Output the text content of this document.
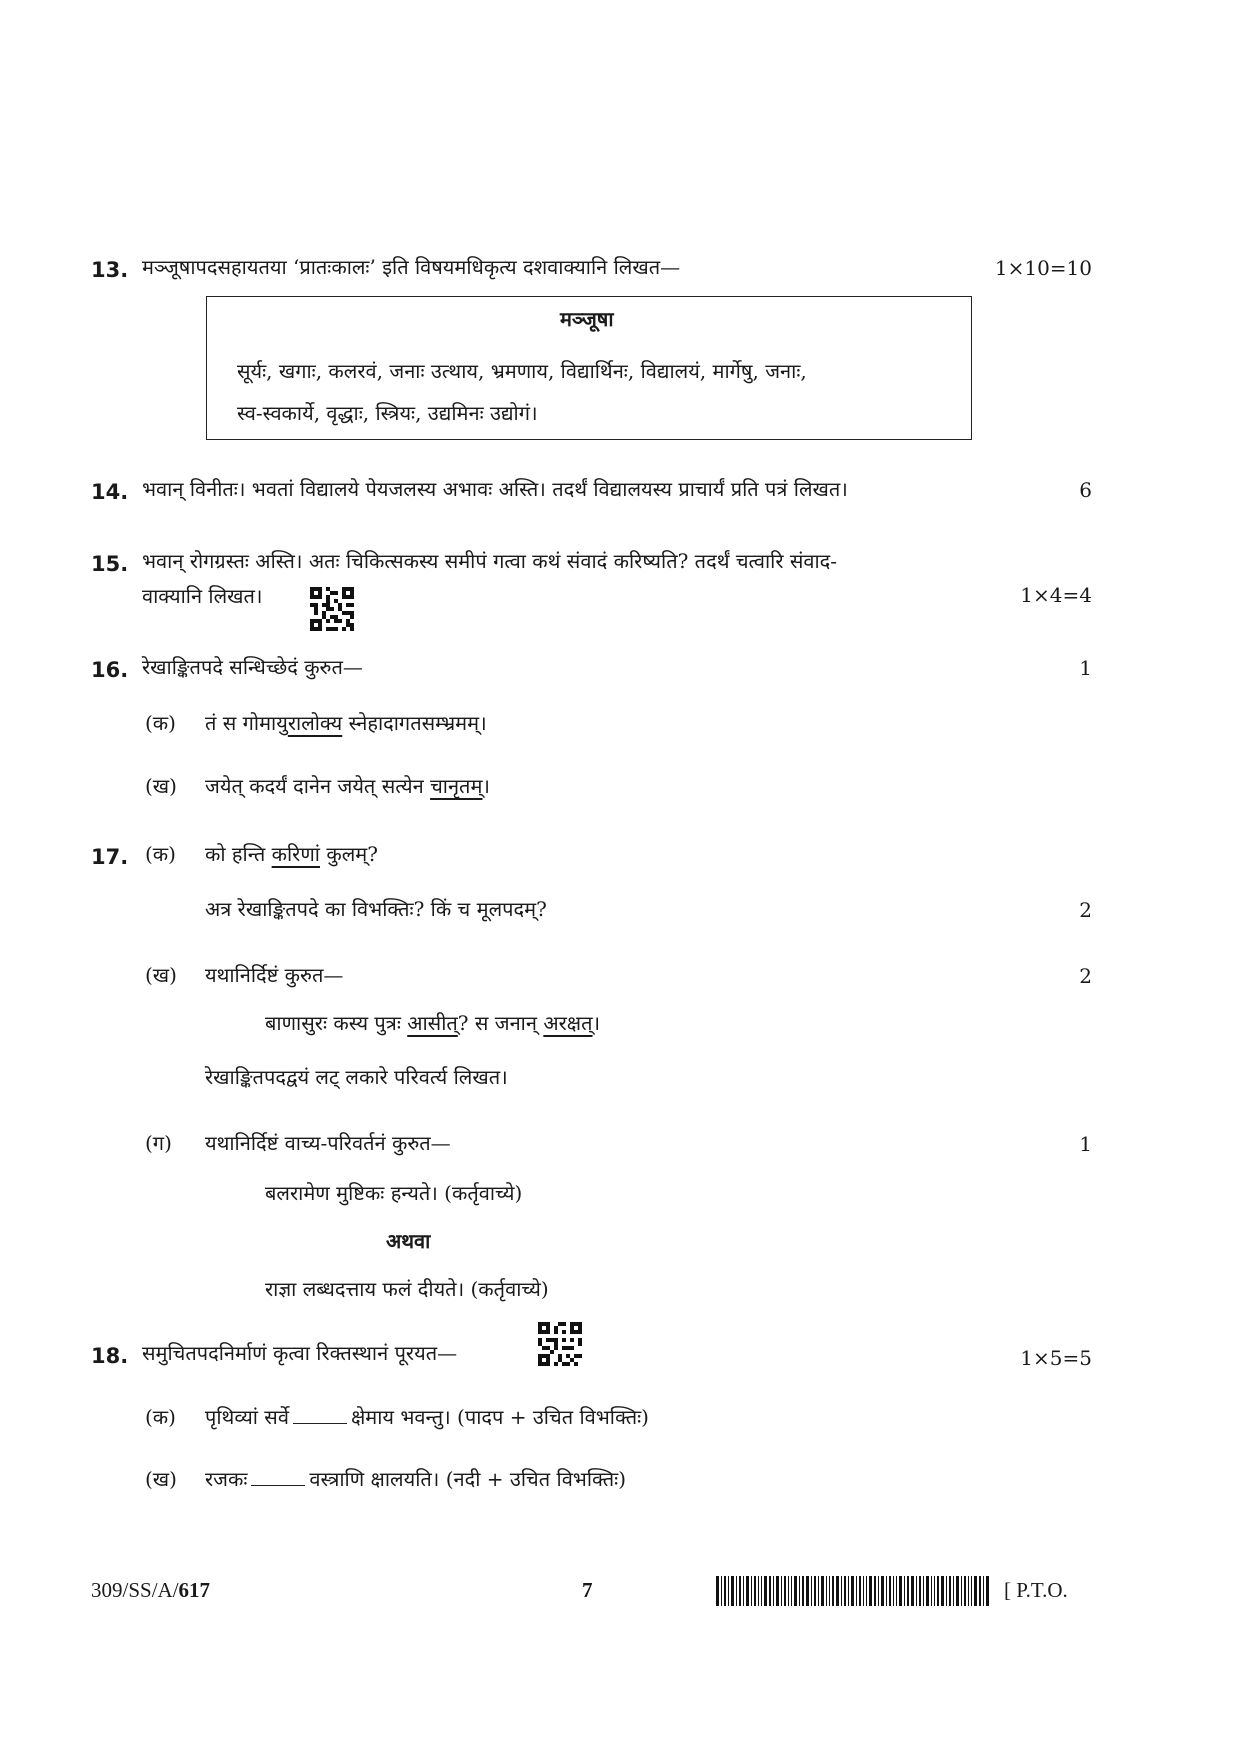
13. मञ्जूषापदसहायतया ‘प्रातःकालः’ इति विषयमधिकृत्य दशवाक्यानि लिखत—	1×10=10
मञ्जूषा
सूर्यः, खगाः, कलरवं, जनाः उत्थाय, भ्रमणाय, विद्यार्थिनः, विद्यालयं, मार्गेषु, जनाः,
स्व-स्वकार्ये, वृद्धाः, स्त्रियः, उद्यमिनः उद्योगं।
14. भवान् विनीतः। भवतां विद्यालये पेयजलस्य अभावः अस्ति। तदर्थं विद्यालयस्य प्राचार्यं प्रति पत्रं लिखत।	6
15. भवान् रोगग्रस्तः अस्ति। अतः चिकित्सकस्य समीपं गत्वा कथं संवादं करिष्यति? तदर्थं चत्वारि संवाद-
वाक्यानि लिखत।	1×4=4
16. रेखाङ्कितपदे सन्धिच्छेदं कुरुत—	1
(क) तं स गोमायुरालोक्य स्नेहादागतसम्भ्रमम्।
(ख) जयेत् कदर्यं दानेन जयेत् सत्येन चानृतम्।
17. (क) को हन्ति करिणां कुलम्?
अत्र रेखाङ्कितपदे का विभक्तिः? किं च मूलपदम्?	2
(ख) यथानिर्दिष्टं कुरुत—	2
बाणासुरः कस्य पुत्रः आसीत्? स जनान् अरक्षत्।
रेखाङ्कितपदद्वयं लट् लकारे परिवर्त्य लिखत।
(ग) यथानिर्दिष्टं वाच्य-परिवर्तनं कुरुत—	1
बलरामेण मुष्टिकः हन्यते। (कर्तृवाच्ये)
अथवा
राज्ञा लब्धदत्ताय फलं दीयते। (कर्तृवाच्ये)
18. समुचितपदनिर्माणं कृत्वा रिक्तस्थानं पूरयत—	1×5=5
(क) पृथिव्यां सर्वे	क्षेमाय भवन्तु। (पादप + उचित विभक्तिः)
(ख) रजकः	वस्त्राणि क्षालयति। (नदी + उचित विभक्तिः)
309/SS/A/617	7	[ P.T.O.
